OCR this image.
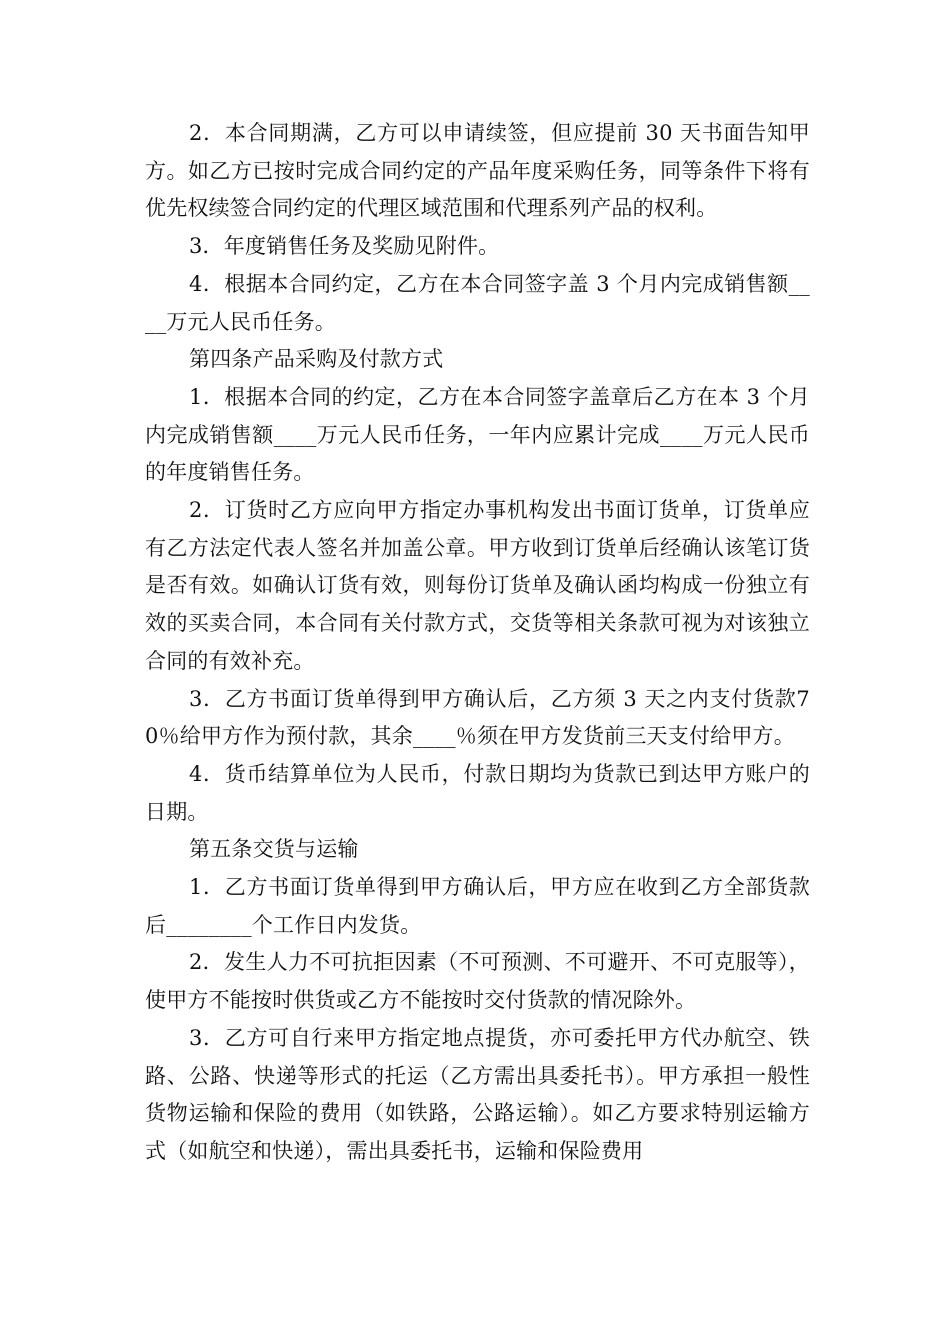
2．本合同期满，乙方可以申请续签，但应提前 30 天书面告知甲方。如乙方已按时完成合同约定的产品年度采购任务，同等条件下将有优先权续签合同约定的代理区域范围和代理系列产品的权利。

3．年度销售任务及奖励见附件。

4．根据本合同约定，乙方在本合同签字盖 3 个月内完成销售额____万元人民币任务。

第四条产品采购及付款方式

1．根据本合同的约定，乙方在本合同签字盖章后乙方在本 3 个月内完成销售额____万元人民币任务，一年内应累计完成____万元人民币的年度销售任务。

2．订货时乙方应向甲方指定办事机构发出书面订货单，订货单应有乙方法定代表人签名并加盖公章。甲方收到订货单后经确认该笔订货是否有效。如确认订货有效，则每份订货单及确认函均构成一份独立有效的买卖合同，本合同有关付款方式，交货等相关条款可视为对该独立合同的有效补充。

3．乙方书面订货单得到甲方确认后，乙方须 3 天之内支付货款70％给甲方作为预付款，其余____％须在甲方发货前三天支付给甲方。

4．货币结算单位为人民币，付款日期均为货款已到达甲方账户的日期。

第五条交货与运输

1．乙方书面订货单得到甲方确认后，甲方应在收到乙方全部货款后________个工作日内发货。

2．发生人力不可抗拒因素（不可预测、不可避开、不可克服等），使甲方不能按时供货或乙方不能按时交付货款的情况除外。

3．乙方可自行来甲方指定地点提货，亦可委托甲方代办航空、铁路、公路、快递等形式的托运（乙方需出具委托书）。甲方承担一般性货物运输和保险的费用（如铁路，公路运输）。如乙方要求特别运输方式（如航空和快递），需出具委托书，运输和保险费用
